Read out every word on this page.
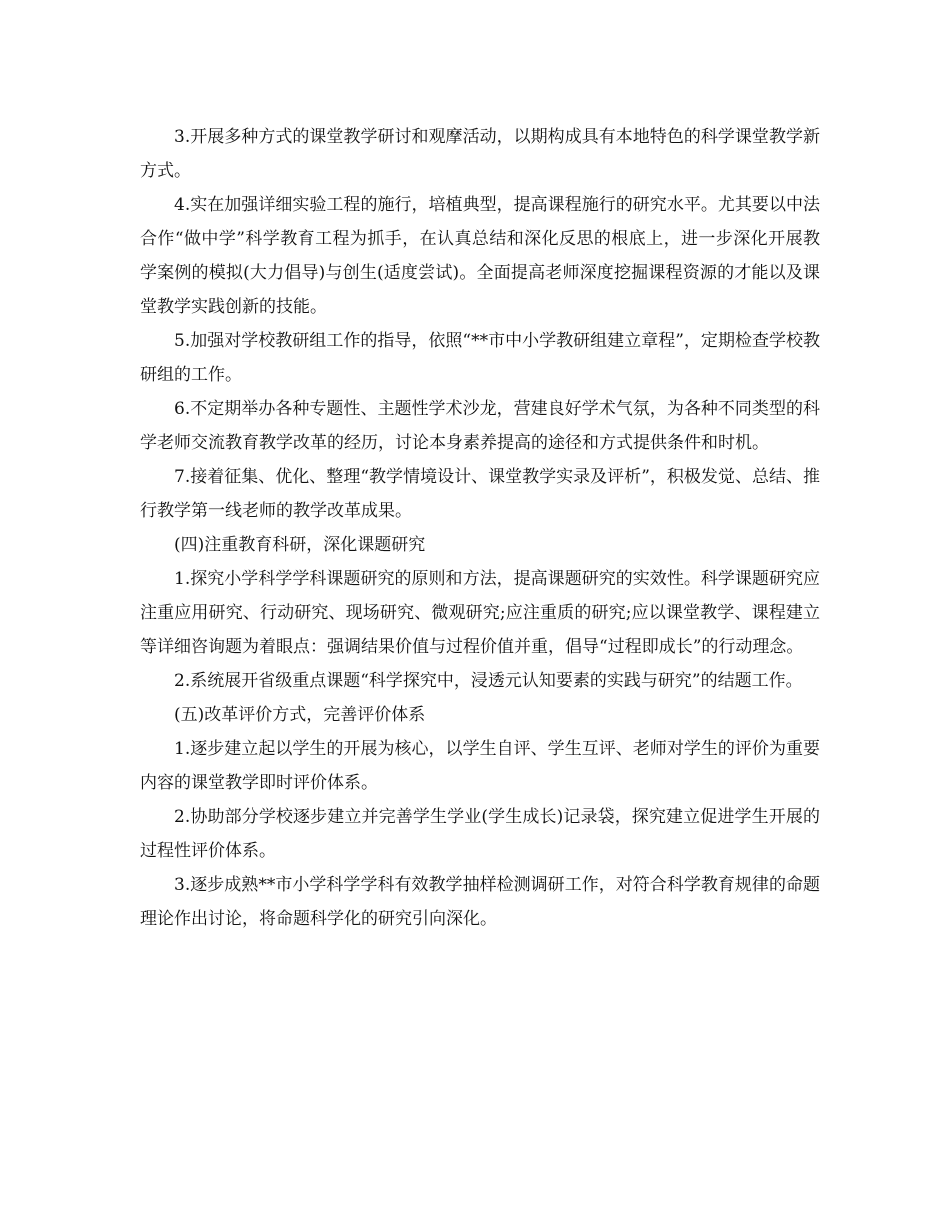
3.开展多种方式的课堂教学研讨和观摩活动，以期构成具有本地特色的科学课堂教学新方式。

4.实在加强详细实验工程的施行，培植典型，提高课程施行的研究水平。尤其要以中法合作“做中学”科学教育工程为抓手，在认真总结和深化反思的根底上，进一步深化开展教学案例的模拟(大力倡导)与创生(适度尝试)。全面提高老师深度挖掘课程资源的才能以及课堂教学实践创新的技能。

5.加强对学校教研组工作的指导，依照“**市中小学教研组建立章程”，定期检查学校教研组的工作。

6.不定期举办各种专题性、主题性学术沙龙，营建良好学术气氛，为各种不同类型的科学老师交流教育教学改革的经历，讨论本身素养提高的途径和方式提供条件和时机。

7.接着征集、优化、整理“教学情境设计、课堂教学实录及评析”，积极发觉、总结、推行教学第一线老师的教学改革成果。

(四)注重教育科研，深化课题研究

1.探究小学科学学科课题研究的原则和方法，提高课题研究的实效性。科学课题研究应注重应用研究、行动研究、现场研究、微观研究;应注重质的研究;应以课堂教学、课程建立等详细咨询题为着眼点：强调结果价值与过程价值并重，倡导“过程即成长”的行动理念。

2.系统展开省级重点课题“科学探究中，浸透元认知要素的实践与研究”的结题工作。

(五)改革评价方式，完善评价体系

1.逐步建立起以学生的开展为核心，以学生自评、学生互评、老师对学生的评价为重要内容的课堂教学即时评价体系。

2.协助部分学校逐步建立并完善学生学业(学生成长)记录袋，探究建立促进学生开展的过程性评价体系。

3.逐步成熟**市小学科学学科有效教学抽样检测调研工作，对符合科学教育规律的命题理论作出讨论，将命题科学化的研究引向深化。
